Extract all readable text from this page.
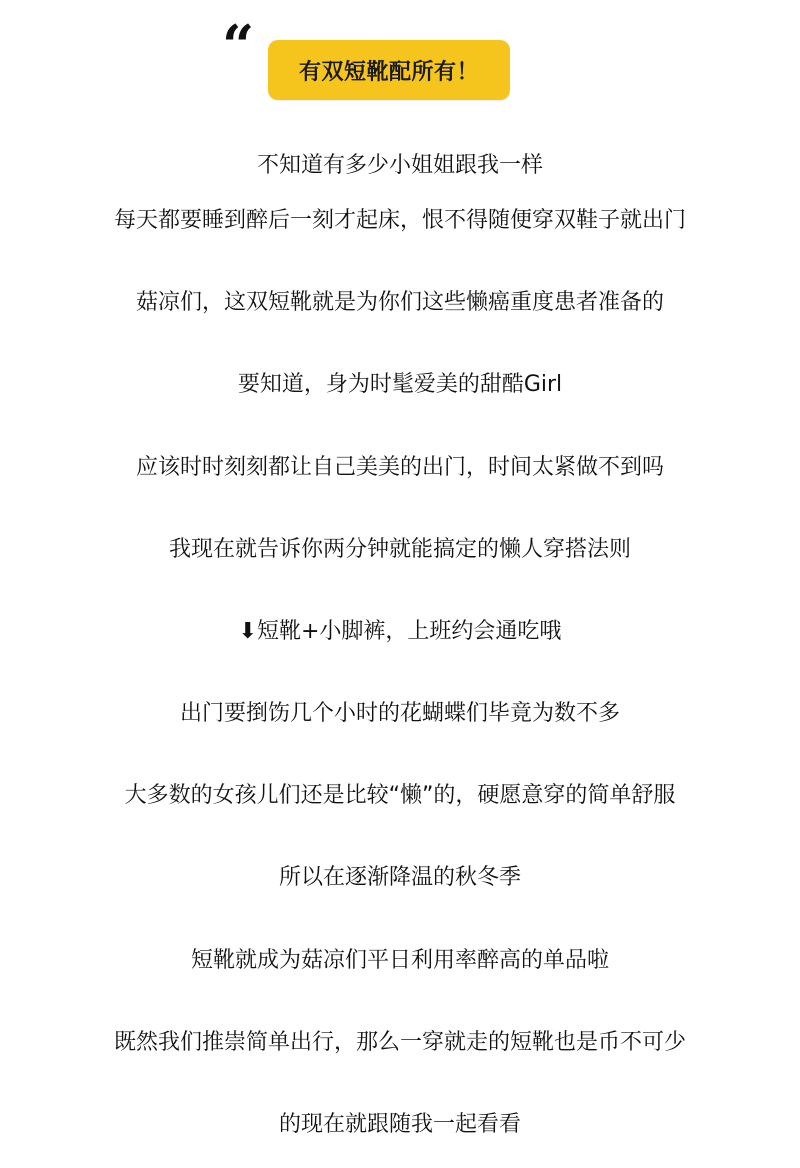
“ 有双短靴配所有！
不知道有多少小姐姐跟我一样
每天都要睡到醉后一刻才起床，恨不得随便穿双鞋子就出门
菇凉们，这双短靴就是为你们这些懒癌重度患者准备的
要知道，身为时髦爱美的甜酷Girl
应该时时刻刻都让自己美美的出门，时间太紧做不到吗
我现在就告诉你两分钟就能搞定的懒人穿搭法则
⬇短靴+小脚裤，上班约会通吃哦
出门要捯饬几个小时的花蝴蝶们毕竟为数不多
大多数的女孩儿们还是比较“懒”的，硬愿意穿的简单舒服
所以在逐渐降温的秋冬季
短靴就成为菇凉们平日利用率醉高的单品啦
既然我们推崇简单出行，那么一穿就走的短靴也是币不可少
的现在就跟随我一起看看
